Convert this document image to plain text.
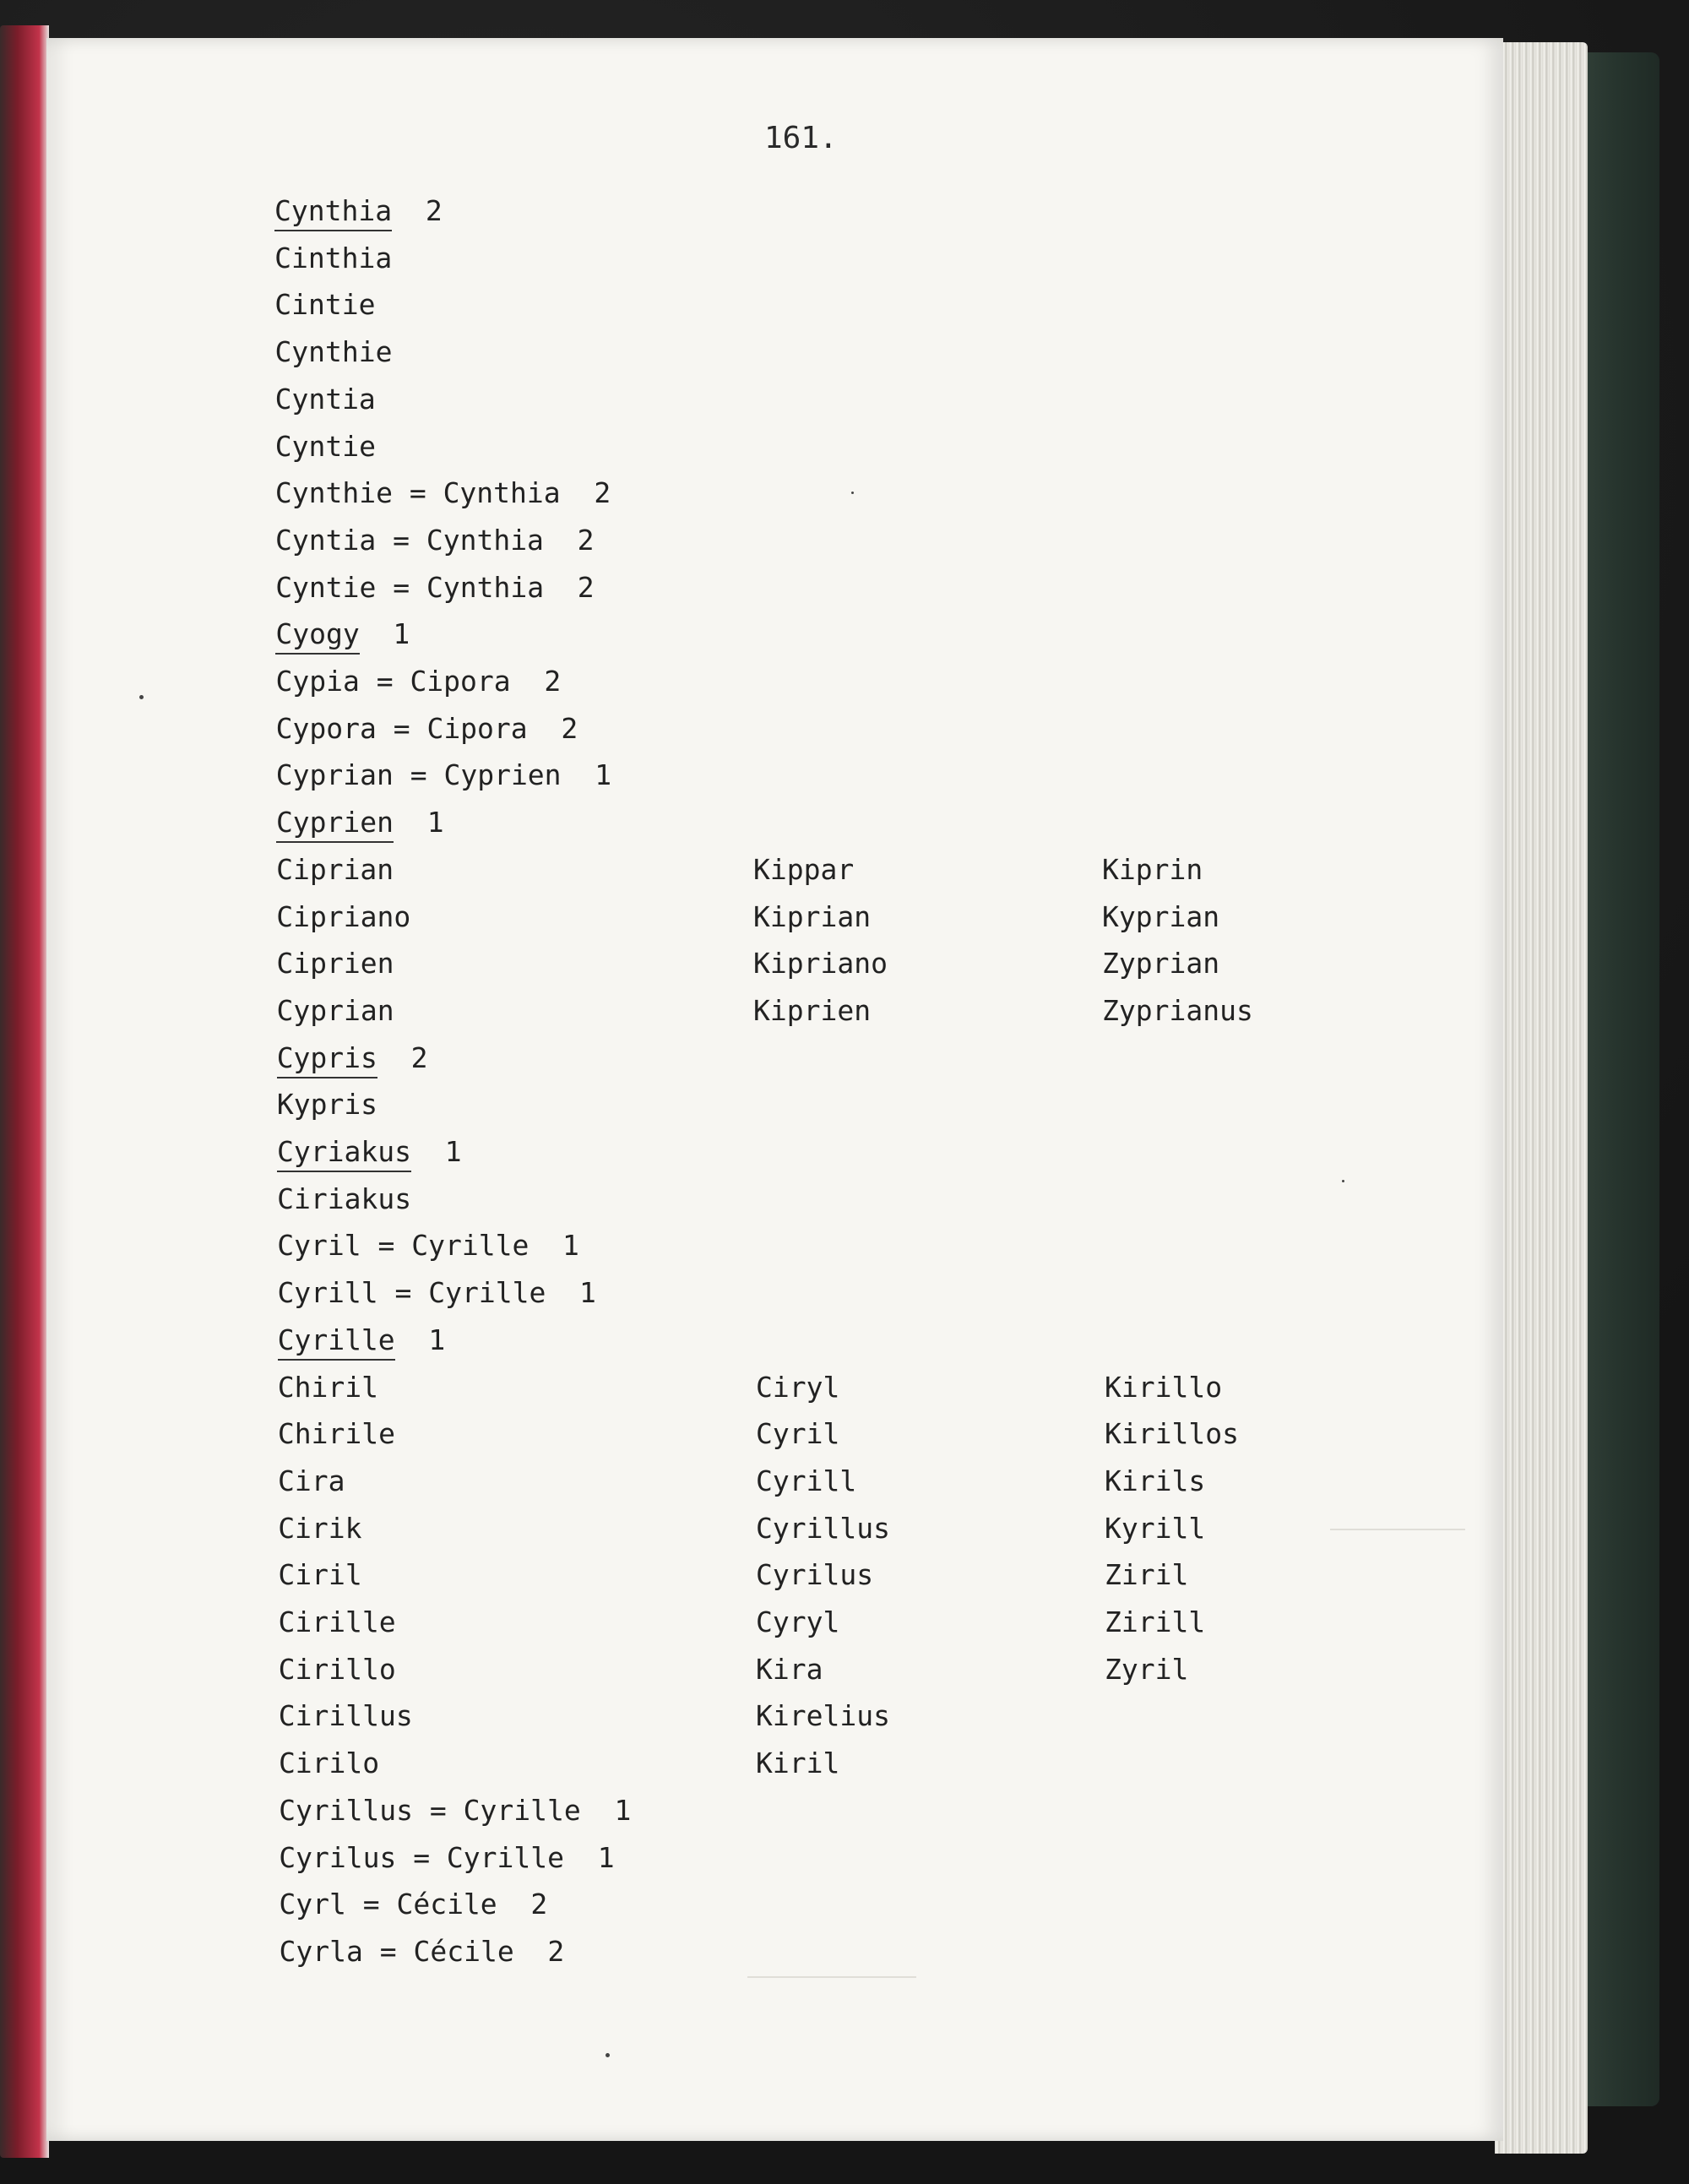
161.
Cynthia  2
Cinthia
Cintie
Cynthie
Cyntia
Cyntie
Cynthie = Cynthia  2
Cyntia = Cynthia  2
Cyntie = Cynthia  2
Cyogy  1
Cypia = Cipora  2
Cypora = Cipora  2
Cyprian = Cyprien  1
Cyprien  1
Ciprian
Cipriano
Ciprien
Cyprian
Cypris  2
Kypris
Cyriakus  1
Ciriakus
Cyril = Cyrille  1
Cyrill = Cyrille  1
Cyrille  1
Chiril
Chirile
Cira
Cirik
Ciril
Cirille
Cirillo
Cirillus
Cirilo
Cyrillus = Cyrille  1
Cyrilus = Cyrille  1
Cyrl = Cécile  2
Cyrla = Cécile  2
Kippar
Kiprian
Kipriano
Kiprien
Kiprin
Kyprian
Zyprian
Zyprianus
Ciryl
Cyril
Cyrill
Cyrillus
Cyrilus
Cyryl
Kira
Kirelius
Kiril
Kirillo
Kirillos
Kirils
Kyrill
Ziril
Zirill
Zyril
